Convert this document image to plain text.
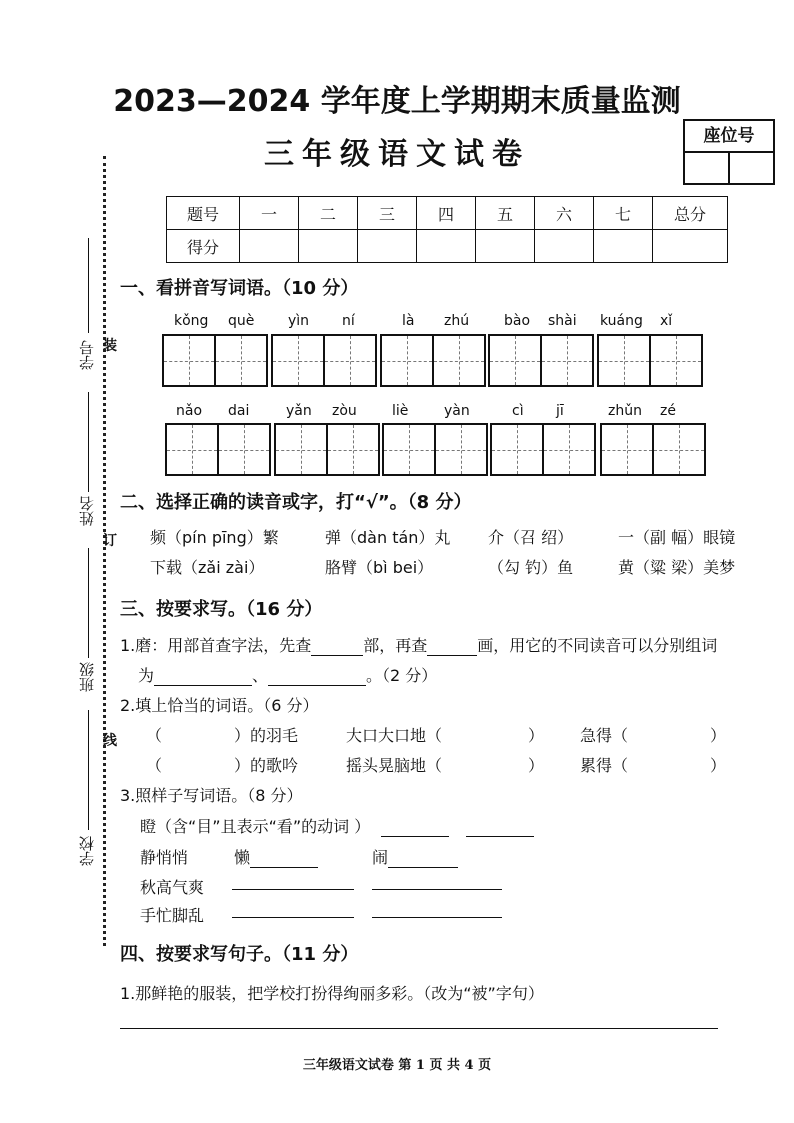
2023—2024 学年度上学期期末质量监测
三年级语文试卷
座位号
题号	一	二	三	四	五	六	七	总分
得分								
学号
姓名
班级
学校
装
订
线
一、看拼音写词语。（10 分）
kǒng què yìn ní	là zhú bào shài kuáng xǐ
nǎo dai	yǎn zòu	liè	yàn	cì jī	zhǔn zé
二、选择正确的读音或字，打“√”。（8 分）
频（pín pīng）繁	弹（dàn tán）丸 介（召 绍）	一（副 幅）眼镜
下载（zǎi zài）	胳臂（bì bei）	（勾 钓）鱼	黄（粱 梁）美梦
三、按要求写。（16 分）
1.磨：用部首查字法，先查	部，再查	画，用它的不同读音可以分别组词
为	、	。（2 分）
2.填上恰当的词语。（6 分）
（	）的羽毛	大口大口地（	） 急得（	）
（	）的歌吟	摇头晃脑地（	） 累得（	）
3.照样子写词语。（8 分）
瞪（含“目”且表示“看”的动词 ）
静悄悄	懒	闹
秋高气爽
手忙脚乱
四、按要求写句子。（11 分）
1.那鲜艳的服装，把学校打扮得绚丽多彩。（改为“被”字句）
三年级语文试卷 第 1 页 共 4 页
